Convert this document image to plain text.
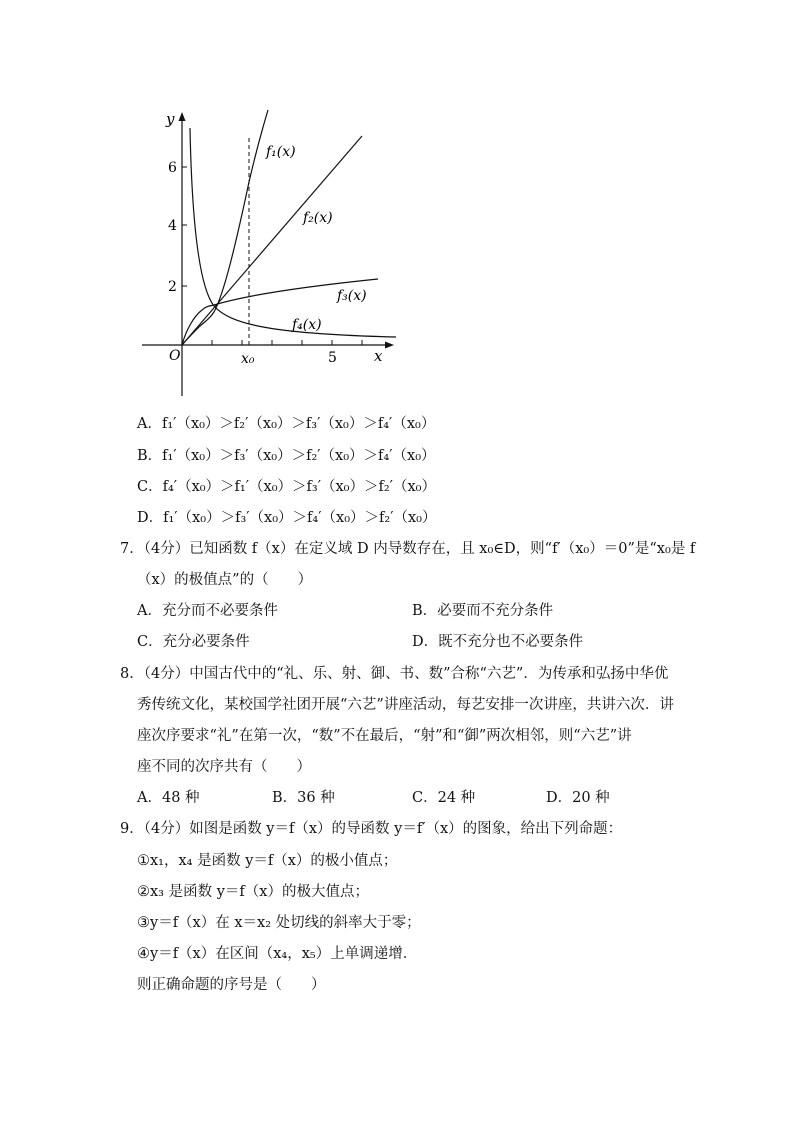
y
6
4
2
O	x₀	5 x
f₁(x)
f₂(x)
f₃(x)
f₄(x)
A．f₁′（x₀）＞f₂′（x₀）＞f₃′（x₀）＞f₄′（x₀）
B．f₁′（x₀）＞f₃′（x₀）＞f₂′（x₀）＞f₄′（x₀）
C．f₄′（x₀）＞f₁′（x₀）＞f₃′（x₀）＞f₂′（x₀）
D．f₁′（x₀）＞f₃′（x₀）＞f₄′（x₀）＞f₂′（x₀）
7．（4分）已知函数 f（x）在定义域 D 内导数存在，且 x₀∈D，则“f′（x₀）＝0”是“x₀是 f
（x）的极值点”的（　　）
A．充分而不必要条件	B．必要而不充分条件
C．充分必要条件	D．既不充分也不必要条件
8．（4分）中国古代中的“礼、乐、射、御、书、数”合称“六艺”．为传承和弘扬中华优
秀传统文化，某校国学社团开展“六艺”讲座活动，每艺安排一次讲座，共讲六次．讲
座次序要求“礼”在第一次，“数”不在最后，“射”和“御”两次相邻，则“六艺”讲
座不同的次序共有（　　）
A．48 种	B．36 种	C．24 种	D．20 种
9．（4分）如图是函数 y＝f（x）的导函数 y＝f′（x）的图象，给出下列命题：
①x₁，x₄ 是函数 y＝f（x）的极小值点；
②x₃ 是函数 y＝f（x）的极大值点；
③y＝f（x）在 x＝x₂ 处切线的斜率大于零；
④y＝f（x）在区间（x₄，x₅）上单调递增．
则正确命题的序号是（　　）
